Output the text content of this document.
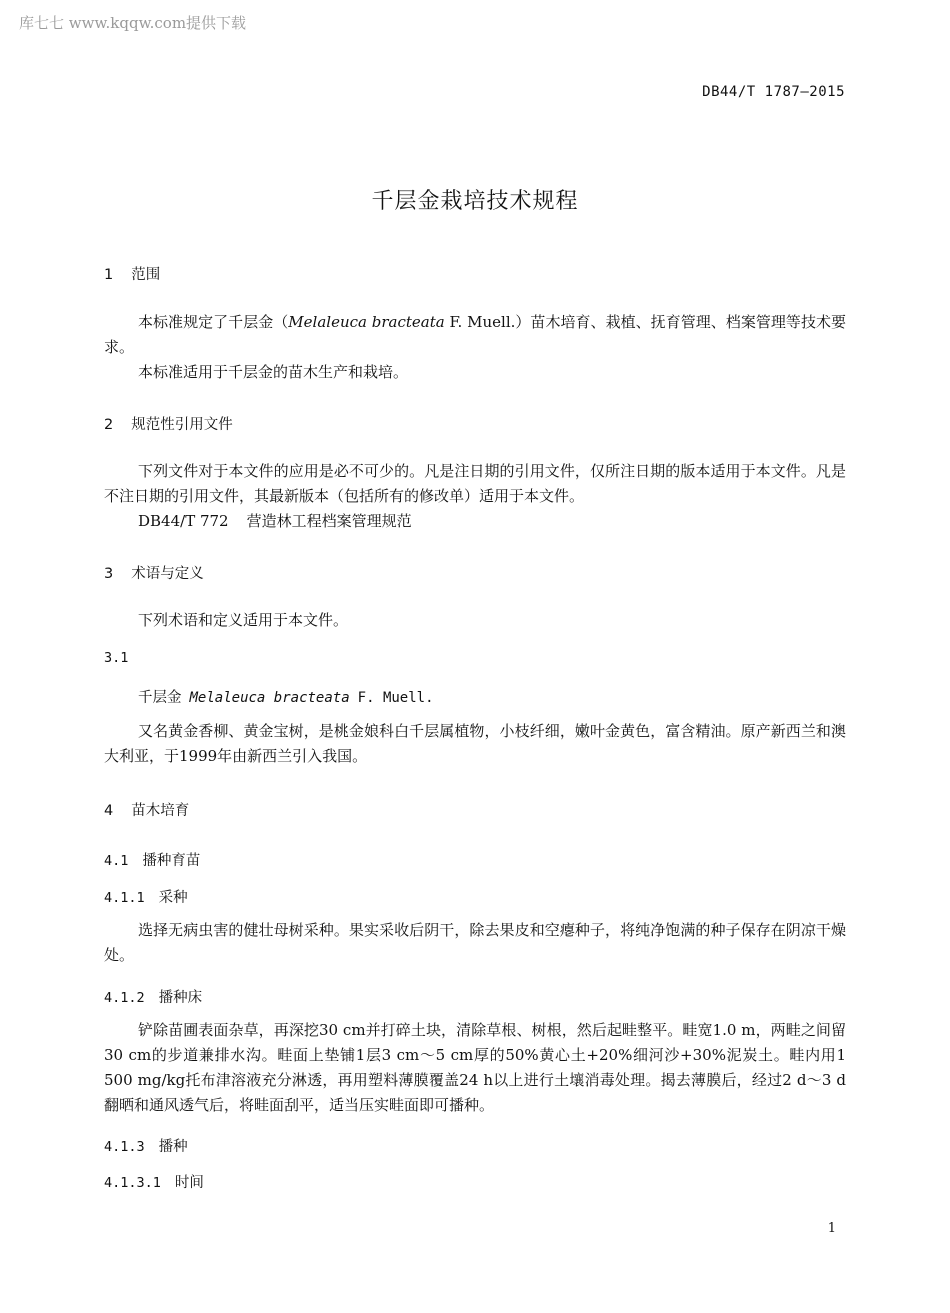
库七七 www.kqqw.com提供下载
DB44/T 1787—2015
千层金栽培技术规程
1 范围
本标准规定了千层金（Melaleuca bracteata F. Muell.）苗木培育、栽植、抚育管理、档案管理等技术要求。
本标准适用于千层金的苗木生产和栽培。
2 规范性引用文件
下列文件对于本文件的应用是必不可少的。凡是注日期的引用文件，仅所注日期的版本适用于本文件。凡是不注日期的引用文件，其最新版本（包括所有的修改单）适用于本文件。
DB44/T 772 营造林工程档案管理规范
3 术语与定义
下列术语和定义适用于本文件。
3.1
千层金 Melaleuca bracteata F. Muell.
又名黄金香柳、黄金宝树，是桃金娘科白千层属植物，小枝纤细，嫩叶金黄色，富含精油。原产新西兰和澳大利亚，于1999年由新西兰引入我国。
4 苗木培育
4.1 播种育苗
4.1.1 采种
选择无病虫害的健壮母树采种。果实采收后阴干，除去果皮和空瘪种子，将纯净饱满的种子保存在阴凉干燥处。
4.1.2 播种床
铲除苗圃表面杂草，再深挖30 cm并打碎土块，清除草根、树根，然后起畦整平。畦宽1.0 m，两畦之间留30 cm的步道兼排水沟。畦面上垫铺1层3 cm～5 cm厚的50%黄心土+20%细河沙+30%泥炭土。畦内用1 500 mg/kg托布津溶液充分淋透，再用塑料薄膜覆盖24 h以上进行土壤消毒处理。揭去薄膜后，经过2 d～3 d翻晒和通风透气后，将畦面刮平，适当压实畦面即可播种。
4.1.3 播种
4.1.3.1 时间
1
